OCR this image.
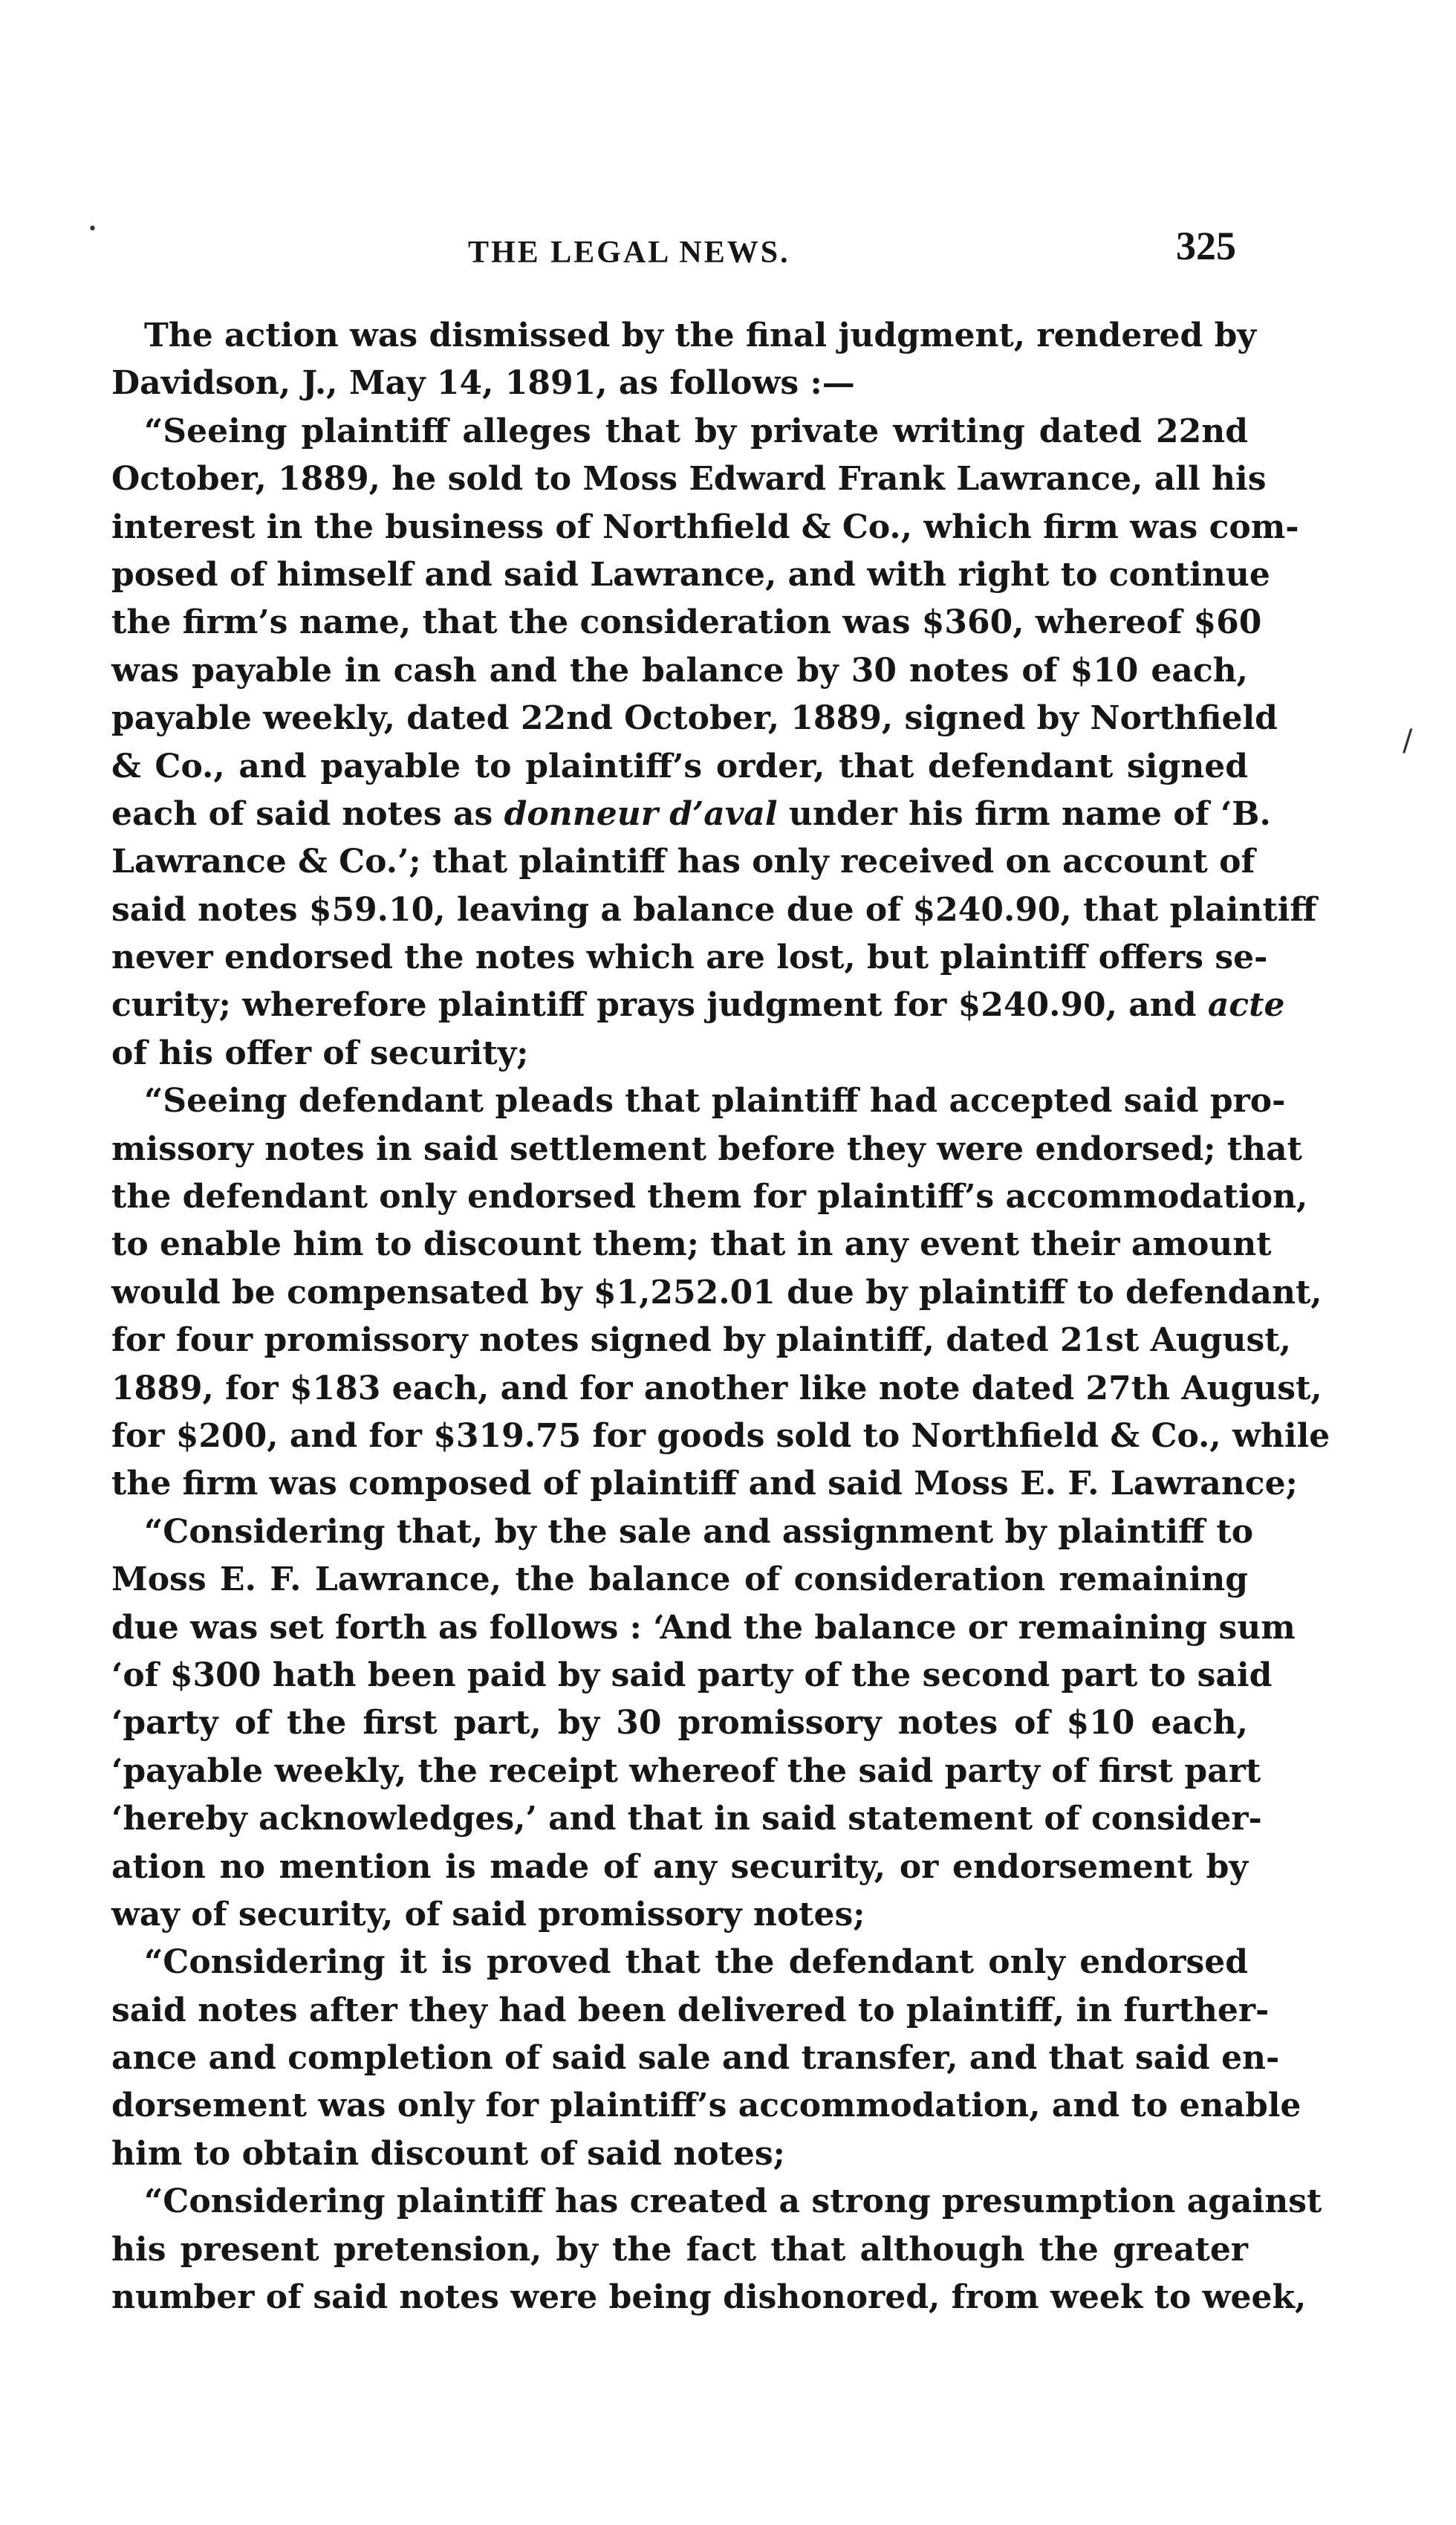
•
/
THE LEGAL NEWS.	325
The action was dismissed by the final judgment, rendered by
Davidson, J., May 14, 1891, as follows :—
“Seeing plaintiff alleges that by private writing dated 22nd
October, 1889, he sold to Moss Edward Frank Lawrance, all his
interest in the business of Northfield & Co., which firm was com-
posed of himself and said Lawrance, and with right to continue
the firm’s name, that the consideration was $360, whereof $60
was payable in cash and the balance by 30 notes of $10 each,
payable weekly, dated 22nd October, 1889, signed by Northfield
& Co., and payable to plaintiff’s order, that defendant signed
each of said notes as donneur d’aval under his firm name of ‘B.
Lawrance & Co.’; that plaintiff has only received on account of
said notes $59.10, leaving a balance due of $240.90, that plaintiff
never endorsed the notes which are lost, but plaintiff offers se-
curity; wherefore plaintiff prays judgment for $240.90, and acte
of his offer of security;
“Seeing defendant pleads that plaintiff had accepted said pro-
missory notes in said settlement before they were endorsed; that
the defendant only endorsed them for plaintiff’s accommodation,
to enable him to discount them; that in any event their amount
would be compensated by $1,252.01 due by plaintiff to defendant,
for four promissory notes signed by plaintiff, dated 21st August,
1889, for $183 each, and for another like note dated 27th August,
for $200, and for $319.75 for goods sold to Northfield & Co., while
the firm was composed of plaintiff and said Moss E. F. Lawrance;
“Considering that, by the sale and assignment by plaintiff to
Moss E. F. Lawrance, the balance of consideration remaining
due was set forth as follows : ‘And the balance or remaining sum
‘of $300 hath been paid by said party of the second part to said
‘party of the first part, by 30 promissory notes of $10 each,
‘payable weekly, the receipt whereof the said party of first part
‘hereby acknowledges,’ and that in said statement of consider-
ation no mention is made of any security, or endorsement by
way of security, of said promissory notes;
“Considering it is proved that the defendant only endorsed
said notes after they had been delivered to plaintiff, in further-
ance and completion of said sale and transfer, and that said en-
dorsement was only for plaintiff’s accommodation, and to enable
him to obtain discount of said notes;
“Considering plaintiff has created a strong presumption against
his present pretension, by the fact that although the greater
number of said notes were being dishonored, from week to week,
